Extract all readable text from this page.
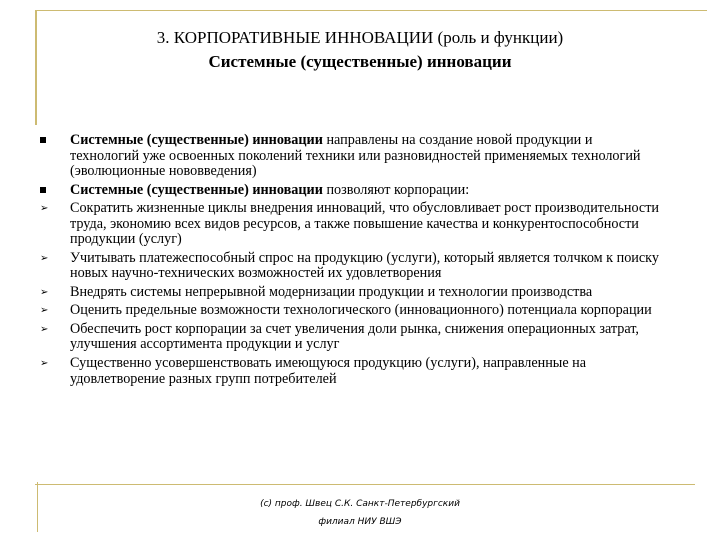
3. КОРПОРАТИВНЫЕ ИННОВАЦИИ (роль и функции)
Системные (существенные) инновации
Системные (существенные) инновации направлены на создание новой продукции и технологий уже освоенных поколений техники или разновидностей применяемых технологий (эволюционные нововведения)
Системные (существенные) инновации позволяют корпорации:
➢	Сократить жизненные циклы внедрения инноваций, что обусловливает рост производительности труда, экономию всех видов ресурсов, а также повышение качества и конкурентоспособности продукции (услуг)
➢	Учитывать платежеспособный спрос на продукцию (услуги), который является толчком к поиску новых научно-технических возможностей их удовлетворения
➢	Внедрять системы непрерывной модернизации продукции и технологии производства
➢	Оценить предельные возможности технологического (инновационного) потенциала корпорации
➢	Обеспечить рост корпорации за счет увеличения доли рынка, снижения операционных затрат, улучшения ассортимента продукции и услуг
➢	Существенно усовершенствовать имеющуюся продукцию (услуги), направленные на удовлетворение разных групп потребителей
(с) проф. Швец С.К. Санкт-Петербургский
филиал НИУ ВШЭ
